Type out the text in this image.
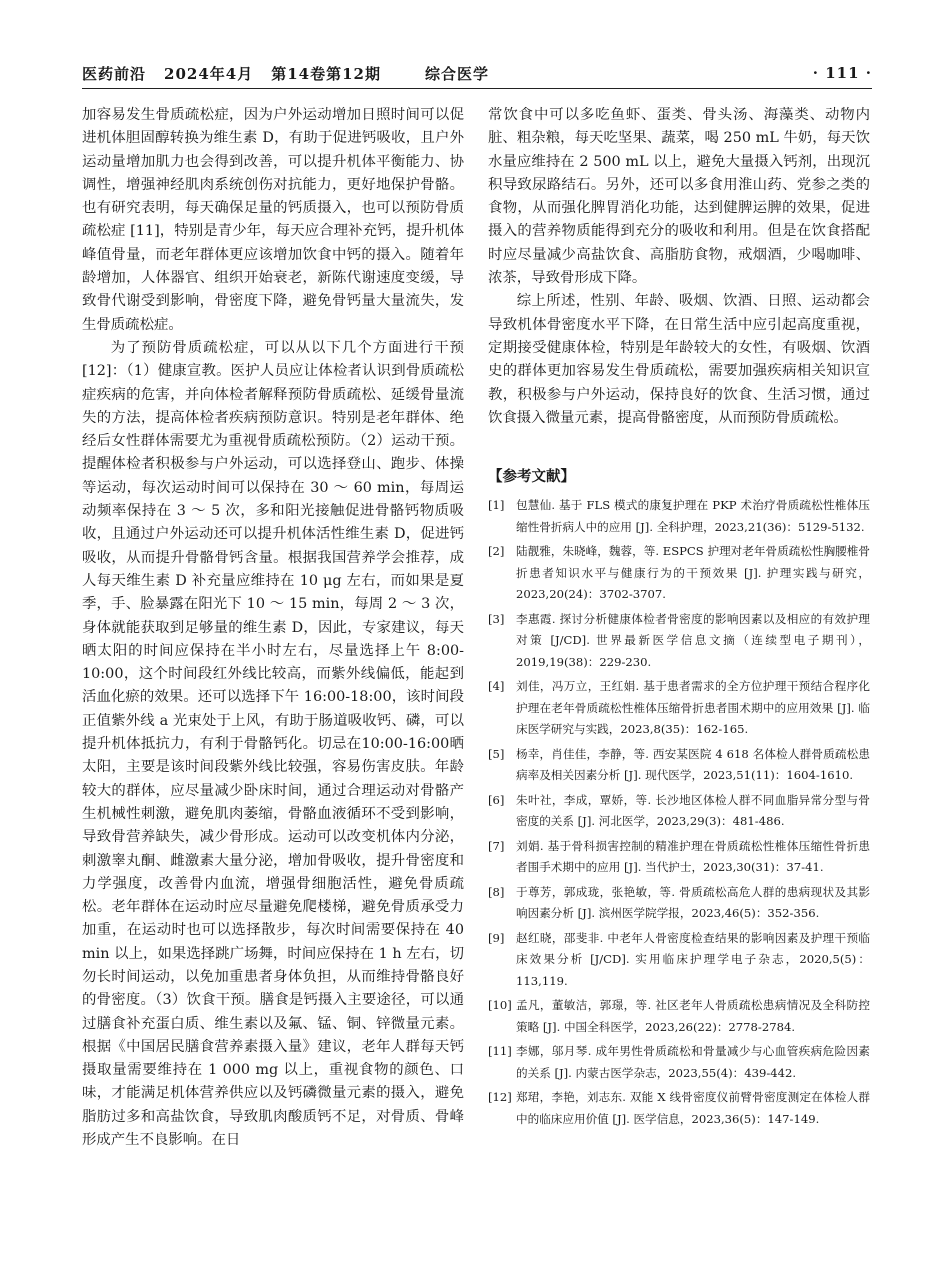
医药前沿 2024年4月 第14卷第12期	综合医学	· 111 ·

加容易发生骨质疏松症，因为户外运动增加日照时间可以促进机体胆固醇转换为维生素 D，有助于促进钙吸收，且户外运动量增加肌力也会得到改善，可以提升机体平衡能力、协调性，增强神经肌肉系统创伤对抗能力，更好地保护骨骼。也有研究表明，每天确保足量的钙质摄入，也可以预防骨质疏松症 [11]，特别是青少年，每天应合理补充钙，提升机体峰值骨量，而老年群体更应该增加饮食中钙的摄入。随着年龄增加，人体器官、组织开始衰老，新陈代谢速度变缓，导致骨代谢受到影响，骨密度下降，避免骨钙量大量流失，发生骨质疏松症。

为了预防骨质疏松症，可以从以下几个方面进行干预 [12]：（1）健康宣教。医护人员应让体检者认识到骨质疏松症疾病的危害，并向体检者解释预防骨质疏松、延缓骨量流失的方法，提高体检者疾病预防意识。特别是老年群体、绝经后女性群体需要尤为重视骨质疏松预防。（2）运动干预。提醒体检者积极参与户外运动，可以选择登山、跑步、体操等运动，每次运动时间可以保持在 30 ～ 60 min，每周运动频率保持在 3 ～ 5 次，多和阳光接触促进骨骼钙物质吸收，且通过户外运动还可以提升机体活性维生素 D，促进钙吸收，从而提升骨骼骨钙含量。根据我国营养学会推荐，成人每天维生素 D 补充量应维持在 10 μg 左右，而如果是夏季，手、脸暴露在阳光下 10 ～ 15 min，每周 2 ～ 3 次，身体就能获取到足够量的维生素 D，因此，专家建议，每天晒太阳的时间应保持在半小时左右，尽量选择上午 8:00-10:00，这个时间段红外线比较高，而紫外线偏低，能起到活血化瘀的效果。还可以选择下午 16:00-18:00，该时间段正值紫外线 a 光束处于上风，有助于肠道吸收钙、磷，可以提升机体抵抗力，有利于骨骼钙化。切忌在10:00-16:00晒太阳，主要是该时间段紫外线比较强，容易伤害皮肤。年龄较大的群体，应尽量减少卧床时间，通过合理运动对骨骼产生机械性刺激，避免肌肉萎缩，骨骼血液循环不受到影响，导致骨营养缺失，减少骨形成。运动可以改变机体内分泌，刺激睾丸酮、雌激素大量分泌，增加骨吸收，提升骨密度和力学强度，改善骨内血流，增强骨细胞活性，避免骨质疏松。老年群体在运动时应尽量避免爬楼梯，避免骨质承受力加重，在运动时也可以选择散步，每次时间需要保持在 40 min 以上，如果选择跳广场舞，时间应保持在 1 h 左右，切勿长时间运动，以免加重患者身体负担，从而维持骨骼良好的骨密度。（3）饮食干预。膳食是钙摄入主要途径，可以通过膳食补充蛋白质、维生素以及氟、锰、铜、锌微量元素。根据《中国居民膳食营养素摄入量》建议，老年人群每天钙摄取量需要维持在 1 000 mg 以上，重视食物的颜色、口味，才能满足机体营养供应以及钙磷微量元素的摄入，避免脂肪过多和高盐饮食，导致肌肉酸质钙不足，对骨质、骨峰形成产生不良影响。在日

常饮食中可以多吃鱼虾、蛋类、骨头汤、海藻类、动物内脏、粗杂粮，每天吃坚果、蔬菜，喝 250 mL 牛奶，每天饮水量应维持在 2 500 mL 以上，避免大量摄入钙剂，出现沉积导致尿路结石。另外，还可以多食用淮山药、党参之类的食物，从而强化脾胃消化功能，达到健脾运脾的效果，促进摄入的营养物质能得到充分的吸收和利用。但是在饮食搭配时应尽量减少高盐饮食、高脂肪食物，戒烟酒，少喝咖啡、浓茶，导致骨形成下降。

综上所述，性别、年龄、吸烟、饮酒、日照、运动都会导致机体骨密度水平下降，在日常生活中应引起高度重视，定期接受健康体检，特别是年龄较大的女性，有吸烟、饮酒史的群体更加容易发生骨质疏松，需要加强疾病相关知识宣教，积极参与户外运动，保持良好的饮食、生活习惯，通过饮食摄入微量元素，提高骨骼密度，从而预防骨质疏松。

【参考文献】
[1] 包慧仙. 基于 FLS 模式的康复护理在 PKP 术治疗骨质疏松性椎体压缩性骨折病人中的应用 [J]. 全科护理，2023,21(36)：5129-5132.
[2] 陆靓雅，朱晓峰，魏蓉，等. ESPCS 护理对老年骨质疏松性胸腰椎骨折患者知识水平与健康行为的干预效果 [J]. 护理实践与研究，2023,20(24)：3702-3707.
[3] 李惠霞. 探讨分析健康体检者骨密度的影响因素以及相应的有效护理对策 [J/CD]. 世界最新医学信息文摘（连续型电子期刊），2019,19(38)：229-230.
[4] 刘佳，冯万立，王红娟. 基于患者需求的全方位护理干预结合程序化护理在老年骨质疏松性椎体压缩骨折患者围术期中的应用效果 [J]. 临床医学研究与实践，2023,8(35)：162-165.
[5] 杨幸，肖佳佳，李静，等. 西安某医院 4 618 名体检人群骨质疏松患病率及相关因素分析 [J]. 现代医学，2023,51(11)：1604-1610.
[6] 朱叶社，李成，覃娇，等. 长沙地区体检人群不同血脂异常分型与骨密度的关系 [J]. 河北医学，2023,29(3)：481-486.
[7] 刘娟. 基于骨科损害控制的精准护理在骨质疏松性椎体压缩性骨折患者围手术期中的应用 [J]. 当代护士，2023,30(31)：37-41.
[8] 于尊芳，郭成珑，张艳敏，等. 骨质疏松高危人群的患病现状及其影响因素分析 [J]. 滨州医学院学报，2023,46(5)：352-356.
[9] 赵红晓，邵斐非. 中老年人骨密度检查结果的影响因素及护理干预临床效果分析 [J/CD]. 实用临床护理学电子杂志，2020,5(5)：113,119.
[10] 孟凡，董敏洁，郭璟，等. 社区老年人骨质疏松患病情况及全科防控策略 [J]. 中国全科医学，2023,26(22)：2778-2784.
[11] 李娜，邬月琴. 成年男性骨质疏松和骨量减少与心血管疾病危险因素的关系 [J]. 内蒙古医学杂志，2023,55(4)：439-442.
[12] 郑珺，李艳，刘志东. 双能 X 线骨密度仪前臂骨密度测定在体检人群中的临床应用价值 [J]. 医学信息，2023,36(5)：147-149.
